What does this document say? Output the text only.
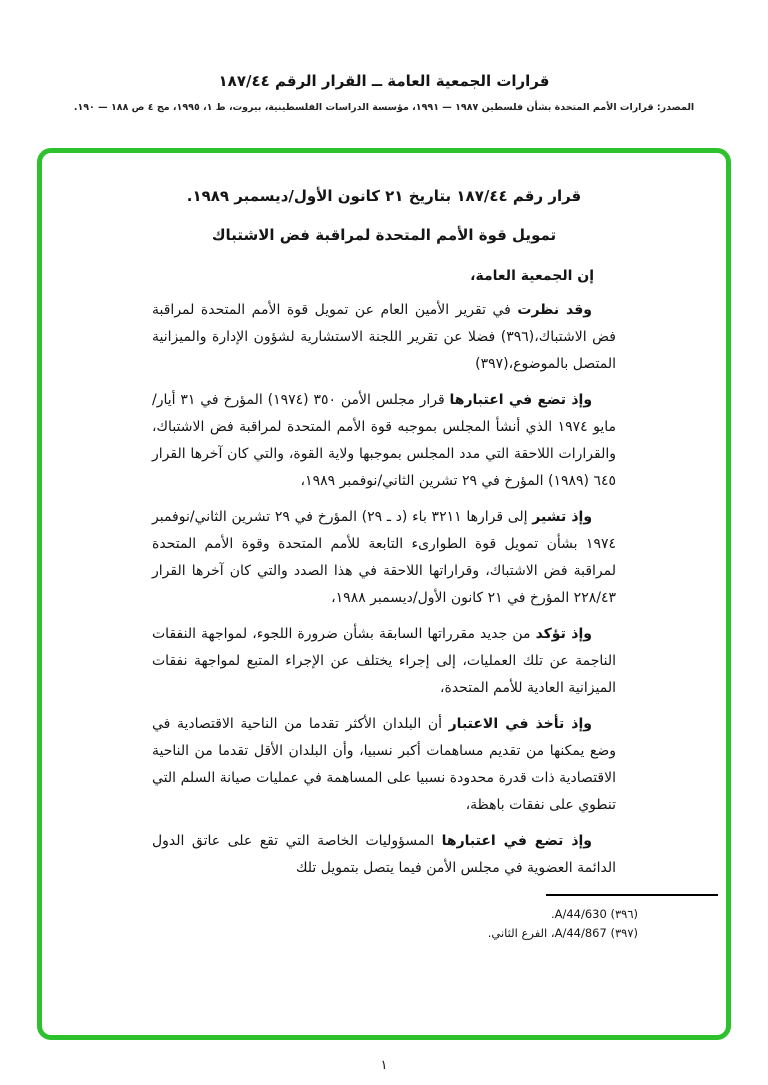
قرارات الجمعية العامة ــ القرار الرقم ١٨٧/٤٤
المصدر: قرارات الأمم المتحدة بشأن فلسطين ١٩٨٧ — ١٩٩١، مؤسسة الدراسات الفلسطينية، بيروت، ط ١، ١٩٩٥، مج ٤ ص ١٨٨ — ١٩٠.

قرار رقم ١٨٧/٤٤ بتاريخ ٢١ كانون الأول/ديسمبر ١٩٨٩.

تمويل قوة الأمم المتحدة لمراقبة فض الاشتباك

إن الجمعية العامة،

وقد نظرت في تقرير الأمين العام عن تمويل قوة الأمم المتحدة لمراقبة فض الاشتباك،(٣٩٦) فضلا عن تقرير اللجنة الاستشارية لشؤون الإدارة والميزانية المتصل بالموضوع،(٣٩٧)

وإذ تضع في اعتبارها قرار مجلس الأمن ٣٥٠ (١٩٧٤) المؤرخ في ٣١ أيار/مايو ١٩٧٤ الذي أنشأ المجلس بموجبه قوة الأمم المتحدة لمراقبة فض الاشتباك، والقرارات اللاحقة التي مدد المجلس بموجبها ولاية القوة، والتي كان آخرها القرار ٦٤٥ (١٩٨٩) المؤرخ في ٢٩ تشرين الثاني/نوفمبر ١٩٨٩،

وإذ تشير إلى قرارها ٣٢١١ باء (د ـ ٢٩) المؤرخ في ٢٩ تشرين الثاني/نوفمبر ١٩٧٤ بشأن تمويل قوة الطوارىء التابعة للأمم المتحدة وقوة الأمم المتحدة لمراقبة فض الاشتباك، وقراراتها اللاحقة في هذا الصدد والتي كان آخرها القرار ٢٢٨/٤٣ المؤرخ في ٢١ كانون الأول/ديسمبر ١٩٨٨،

وإذ تؤكد من جديد مقرراتها السابقة بشأن ضرورة اللجوء، لمواجهة النفقات الناجمة عن تلك العمليات، إلى إجراء يختلف عن الإجراء المتبع لمواجهة نفقات الميزانية العادية للأمم المتحدة،

وإذ تأخذ في الاعتبار أن البلدان الأكثر تقدما من الناحية الاقتصادية في وضع يمكنها من تقديم مساهمات أكبر نسبيا، وأن البلدان الأقل تقدما من الناحية الاقتصادية ذات قدرة محدودة نسبيا على المساهمة في عمليات صيانة السلم التي تنطوي على نفقات باهظة،

وإذ تضع في اعتبارها المسؤوليات الخاصة التي تقع على عاتق الدول الدائمة العضوية في مجلس الأمن فيما يتصل بتمويل تلك

(٣٩٦) A/44/630.
(٣٩٧) A/44/867، الفرع الثاني.
١
